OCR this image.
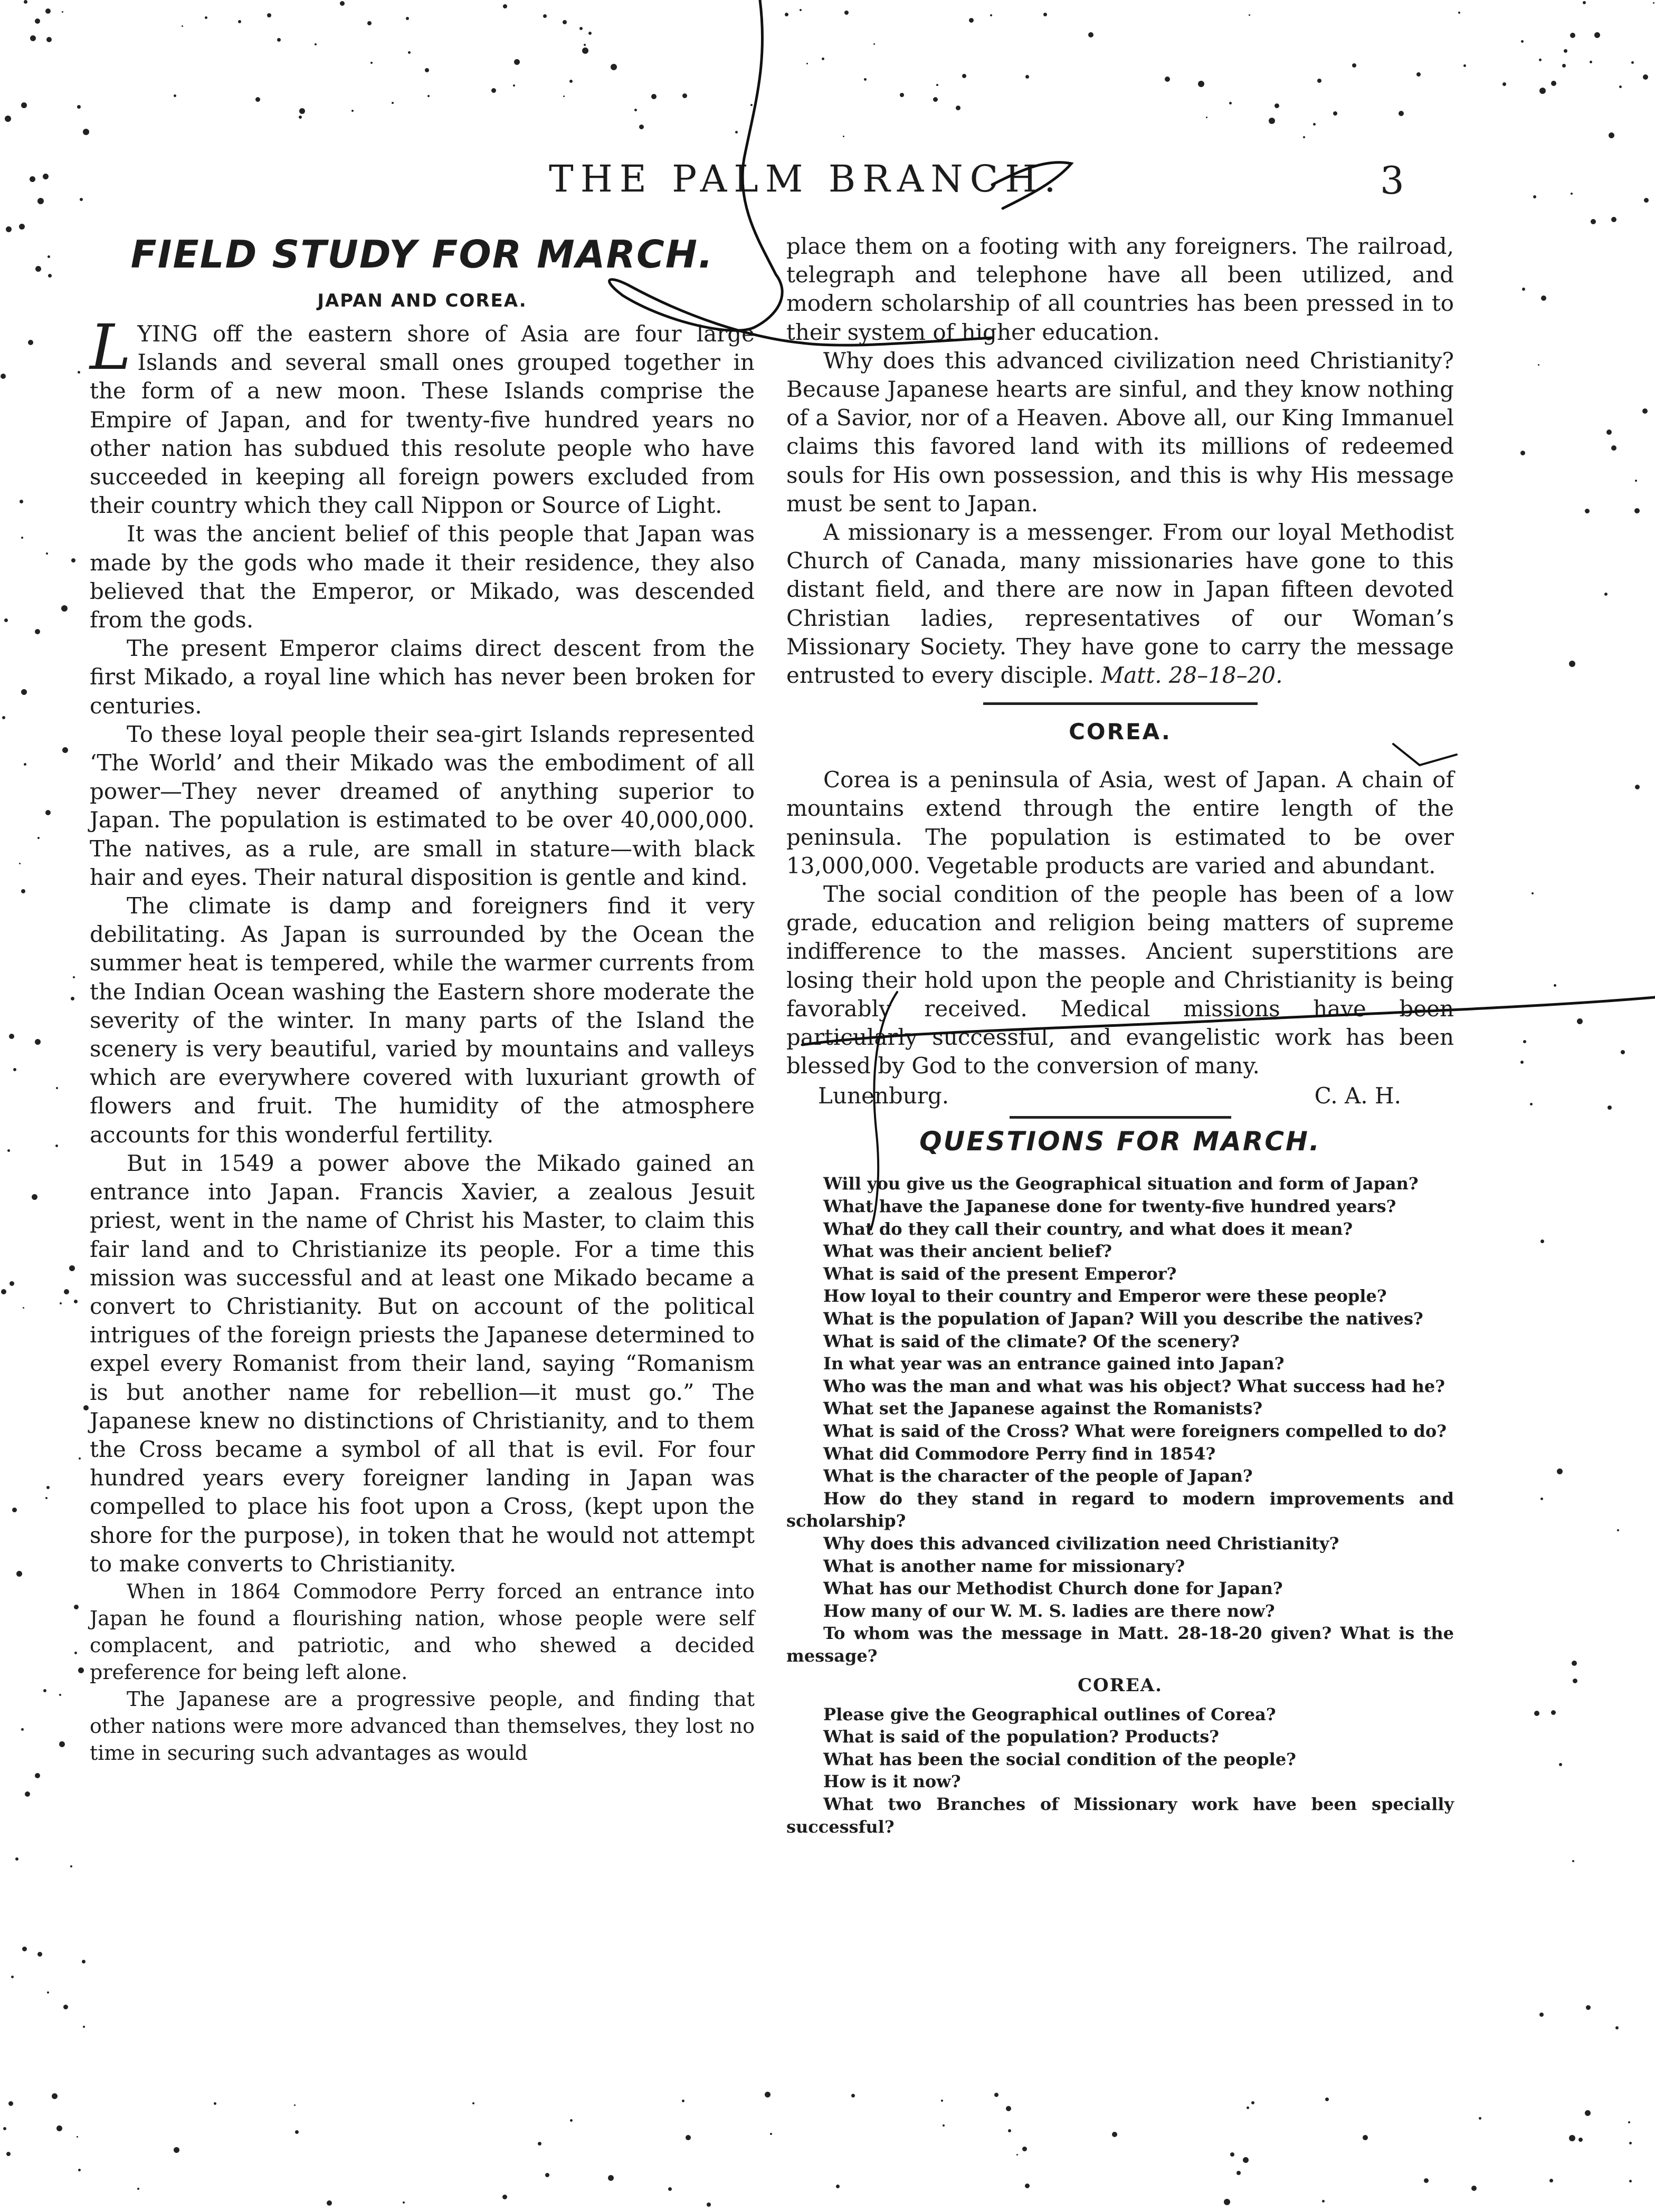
THE PALM BRANCH.	3
FIELD STUDY FOR MARCH.
JAPAN AND COREA.

LYING off the eastern shore of Asia are four large Islands and several small ones grouped together in the form of a new moon. These Islands comprise the Empire of Japan, and for twenty-five hundred years no other nation has subdued this resolute people who have succeeded in keeping all foreign powers excluded from their country which they call Nippon or Source of Light.

It was the ancient belief of this people that Japan was made by the gods who made it their residence, they also believed that the Emperor, or Mikado, was descended from the gods.

The present Emperor claims direct descent from the first Mikado, a royal line which has never been broken for centuries.

To these loyal people their sea-girt Islands represented ‘The World’ and their Mikado was the embodiment of all power—They never dreamed of anything superior to Japan. The population is estimated to be over 40,000,000. The natives, as a rule, are small in stature—with black hair and eyes. Their natural disposition is gentle and kind.

The climate is damp and foreigners find it very debilitating. As Japan is surrounded by the Ocean the summer heat is tempered, while the warmer currents from the Indian Ocean washing the Eastern shore moderate the severity of the winter. In many parts of the Island the scenery is very beautiful, varied by mountains and valleys which are everywhere covered with luxuriant growth of flowers and fruit. The humidity of the atmosphere accounts for this wonderful fertility.

But in 1549 a power above the Mikado gained an entrance into Japan. Francis Xavier, a zealous Jesuit priest, went in the name of Christ his Master, to claim this fair land and to Christianize its people. For a time this mission was successful and at least one Mikado became a convert to Christianity. But on account of the political intrigues of the foreign priests the Japanese determined to expel every Romanist from their land, saying “Romanism is but another name for rebellion—it must go.” The Japanese knew no distinctions of Christianity, and to them the Cross became a symbol of all that is evil. For four hundred years every foreigner landing in Japan was compelled to place his foot upon a Cross, (kept upon the shore for the purpose), in token that he would not attempt to make converts to Christianity.

When in 1864 Commodore Perry forced an entrance into Japan he found a flourishing nation, whose people were self complacent, and patriotic, and who shewed a decided preference for being left alone.

The Japanese are a progressive people, and finding that other nations were more advanced than themselves, they lost no time in securing such advantages as would

place them on a footing with any foreigners. The railroad, telegraph and telephone have all been utilized, and modern scholarship of all countries has been pressed in to their system of higher education.

Why does this advanced civilization need Christianity? Because Japanese hearts are sinful, and they know nothing of a Savior, nor of a Heaven. Above all, our King Immanuel claims this favored land with its millions of redeemed souls for His own possession, and this is why His message must be sent to Japan.

A missionary is a messenger. From our loyal Methodist Church of Canada, many missionaries have gone to this distant field, and there are now in Japan fifteen devoted Christian ladies, representatives of our Woman’s Missionary Society. They have gone to carry the message entrusted to every disciple. Matt. 28–18–20.

COREA.

Corea is a peninsula of Asia, west of Japan. A chain of mountains extend through the entire length of the peninsula. The population is estimated to be over 13,000,000. Vegetable products are varied and abundant.

The social condition of the people has been of a low grade, education and religion being matters of supreme indifference to the masses. Ancient superstitions are losing their hold upon the people and Christianity is being favorably received. Medical missions have been particularly successful, and evangelistic work has been blessed by God to the conversion of many.

Lunenburg.	C. A. H.
QUESTIONS FOR MARCH.

Will you give us the Geographical situation and form of Japan?

What have the Japanese done for twenty-five hundred years?

What do they call their country, and what does it mean?

What was their ancient belief?

What is said of the present Emperor?

How loyal to their country and Emperor were these people?

What is the population of Japan? Will you describe the natives?

What is said of the climate? Of the scenery?

In what year was an entrance gained into Japan?

Who was the man and what was his object? What success had he?

What set the Japanese against the Romanists?

What is said of the Cross? What were foreigners compelled to do?

What did Commodore Perry find in 1854?

What is the character of the people of Japan?

How do they stand in regard to modern improvements and scholarship?

Why does this advanced civilization need Christianity?

What is another name for missionary?

What has our Methodist Church done for Japan?

How many of our W. M. S. ladies are there now?

To whom was the message in Matt. 28-18-20 given? What is the message?

COREA.

Please give the Geographical outlines of Corea?

What is said of the population? Products?

What has been the social condition of the people?

How is it now?

What two Branches of Missionary work have been specially successful?
